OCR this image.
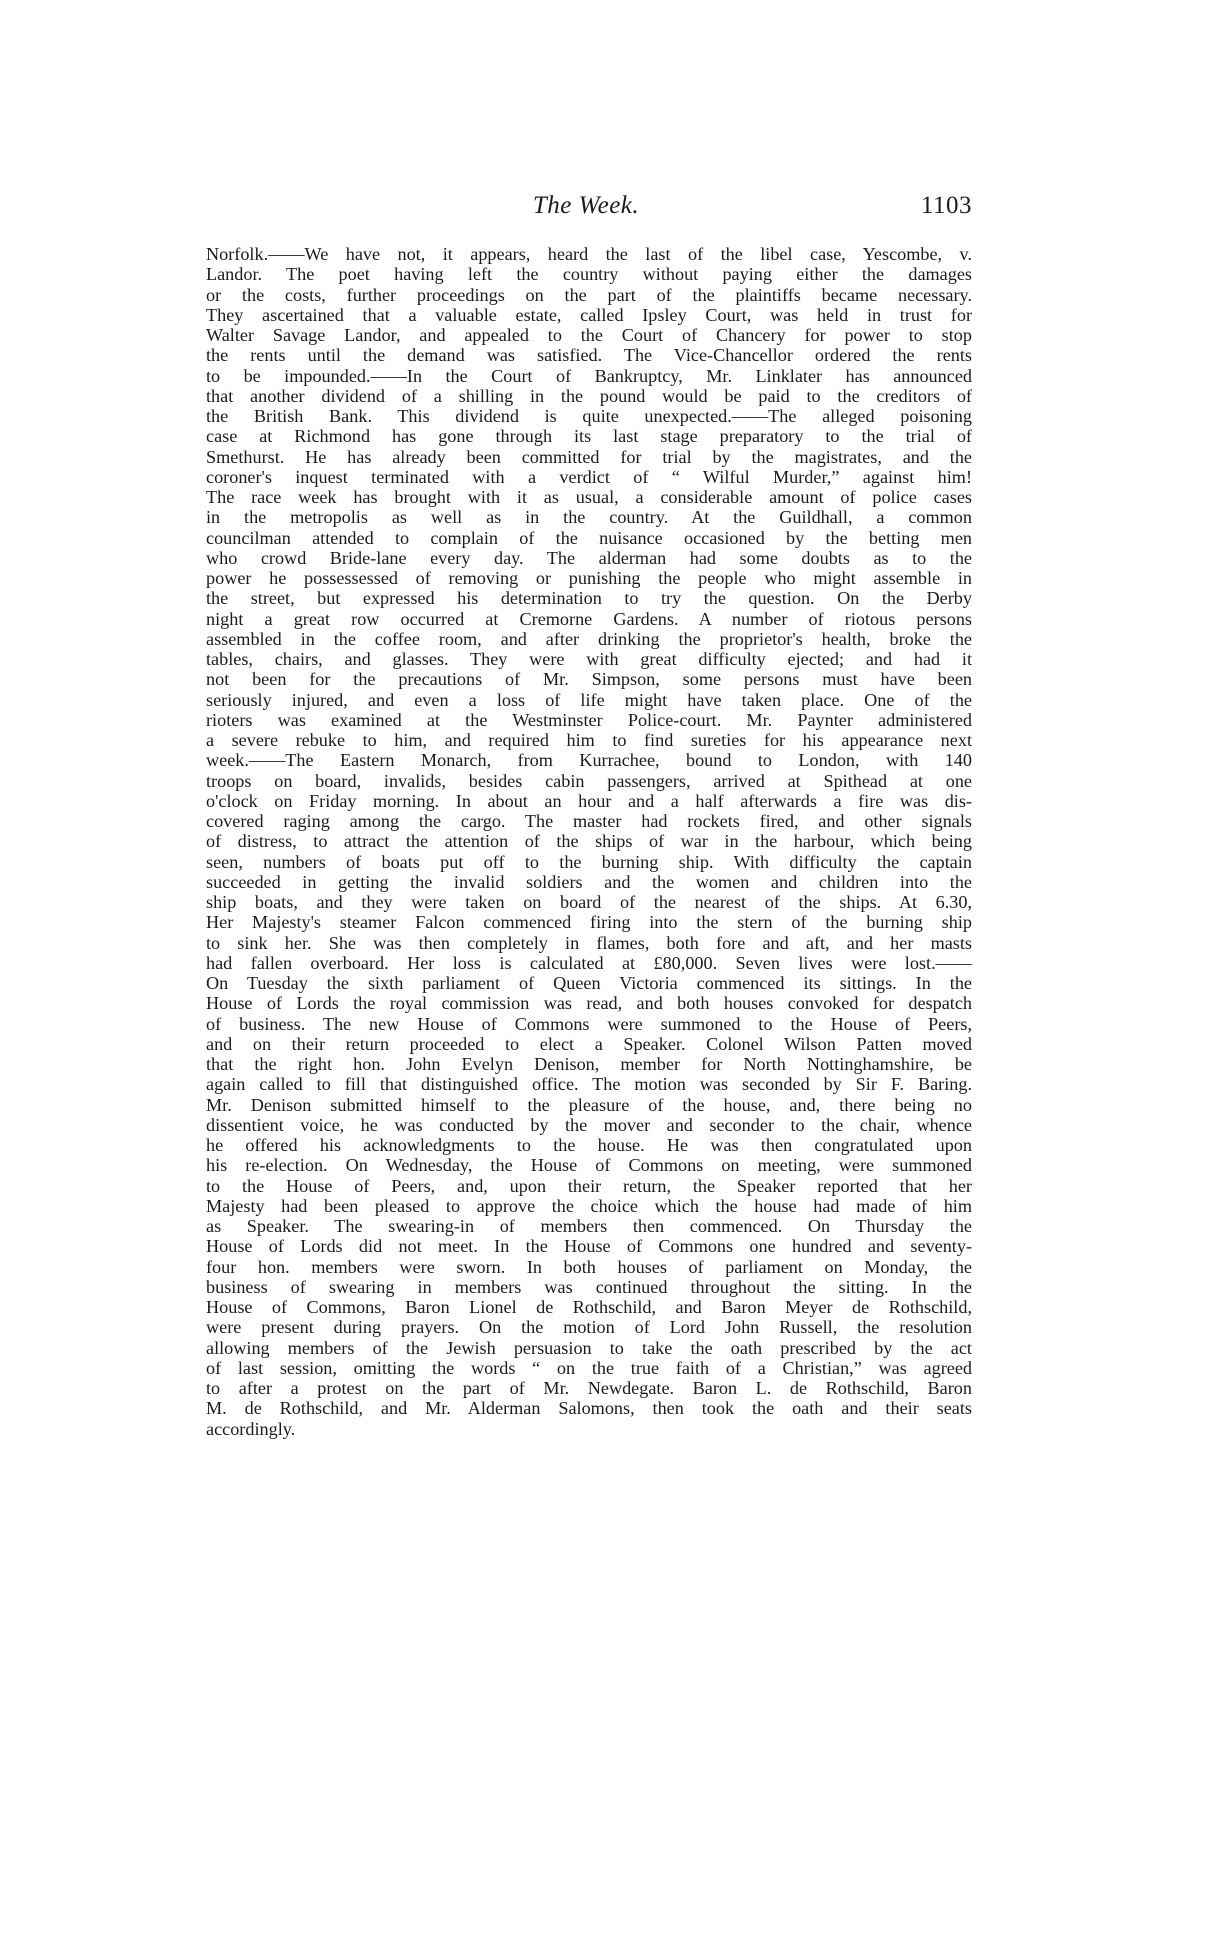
The Week.	1103
Norfolk.——We have not, it appears, heard the last of the libel case, Yescombe, v.
Landor. The poet having left the country without paying either the damages
or the costs, further proceedings on the part of the plaintiffs became necessary.
They ascertained that a valuable estate, called Ipsley Court, was held in trust for
Walter Savage Landor, and appealed to the Court of Chancery for power to stop
the rents until the demand was satisfied. The Vice-Chancellor ordered the rents
to be impounded.——In the Court of Bankruptcy, Mr. Linklater has announced
that another dividend of a shilling in the pound would be paid to the creditors of
the British Bank. This dividend is quite unexpected.——The alleged poisoning
case at Richmond has gone through its last stage preparatory to the trial of
Smethurst. He has already been committed for trial by the magistrates, and the
coroner's inquest terminated with a verdict of “ Wilful Murder,” against him!
The race week has brought with it as usual, a considerable amount of police cases
in the metropolis as well as in the country. At the Guildhall, a common
councilman attended to complain of the nuisance occasioned by the betting men
who crowd Bride-lane every day. The alderman had some doubts as to the
power he possessessed of removing or punishing the people who might assemble in
the street, but expressed his determination to try the question. On the Derby
night a great row occurred at Cremorne Gardens. A number of riotous persons
assembled in the coffee room, and after drinking the proprietor's health, broke the
tables, chairs, and glasses. They were with great difficulty ejected; and had it
not been for the precautions of Mr. Simpson, some persons must have been
seriously injured, and even a loss of life might have taken place. One of the
rioters was examined at the Westminster Police-court. Mr. Paynter administered
a severe rebuke to him, and required him to find sureties for his appearance next
week.——The Eastern Monarch, from Kurrachee, bound to London, with 140
troops on board, invalids, besides cabin passengers, arrived at Spithead at one
o'clock on Friday morning. In about an hour and a half afterwards a fire was dis-
covered raging among the cargo. The master had rockets fired, and other signals
of distress, to attract the attention of the ships of war in the harbour, which being
seen, numbers of boats put off to the burning ship. With difficulty the captain
succeeded in getting the invalid soldiers and the women and children into the
ship boats, and they were taken on board of the nearest of the ships. At 6.30,
Her Majesty's steamer Falcon commenced firing into the stern of the burning ship
to sink her. She was then completely in flames, both fore and aft, and her masts
had fallen overboard. Her loss is calculated at £80,000. Seven lives were lost.——
On Tuesday the sixth parliament of Queen Victoria commenced its sittings. In the
House of Lords the royal commission was read, and both houses convoked for despatch
of business. The new House of Commons were summoned to the House of Peers,
and on their return proceeded to elect a Speaker. Colonel Wilson Patten moved
that the right hon. John Evelyn Denison, member for North Nottinghamshire, be
again called to fill that distinguished office. The motion was seconded by Sir F. Baring.
Mr. Denison submitted himself to the pleasure of the house, and, there being no
dissentient voice, he was conducted by the mover and seconder to the chair, whence
he offered his acknowledgments to the house. He was then congratulated upon
his re-election. On Wednesday, the House of Commons on meeting, were summoned
to the House of Peers, and, upon their return, the Speaker reported that her
Majesty had been pleased to approve the choice which the house had made of him
as Speaker. The swearing-in of members then commenced. On Thursday the
House of Lords did not meet. In the House of Commons one hundred and seventy-
four hon. members were sworn. In both houses of parliament on Monday, the
business of swearing in members was continued throughout the sitting. In the
House of Commons, Baron Lionel de Rothschild, and Baron Meyer de Rothschild,
were present during prayers. On the motion of Lord John Russell, the resolution
allowing members of the Jewish persuasion to take the oath prescribed by the act
of last session, omitting the words “ on the true faith of a Christian,” was agreed
to after a protest on the part of Mr. Newdegate. Baron L. de Rothschild, Baron
M. de Rothschild, and Mr. Alderman Salomons, then took the oath and their seats
accordingly.
